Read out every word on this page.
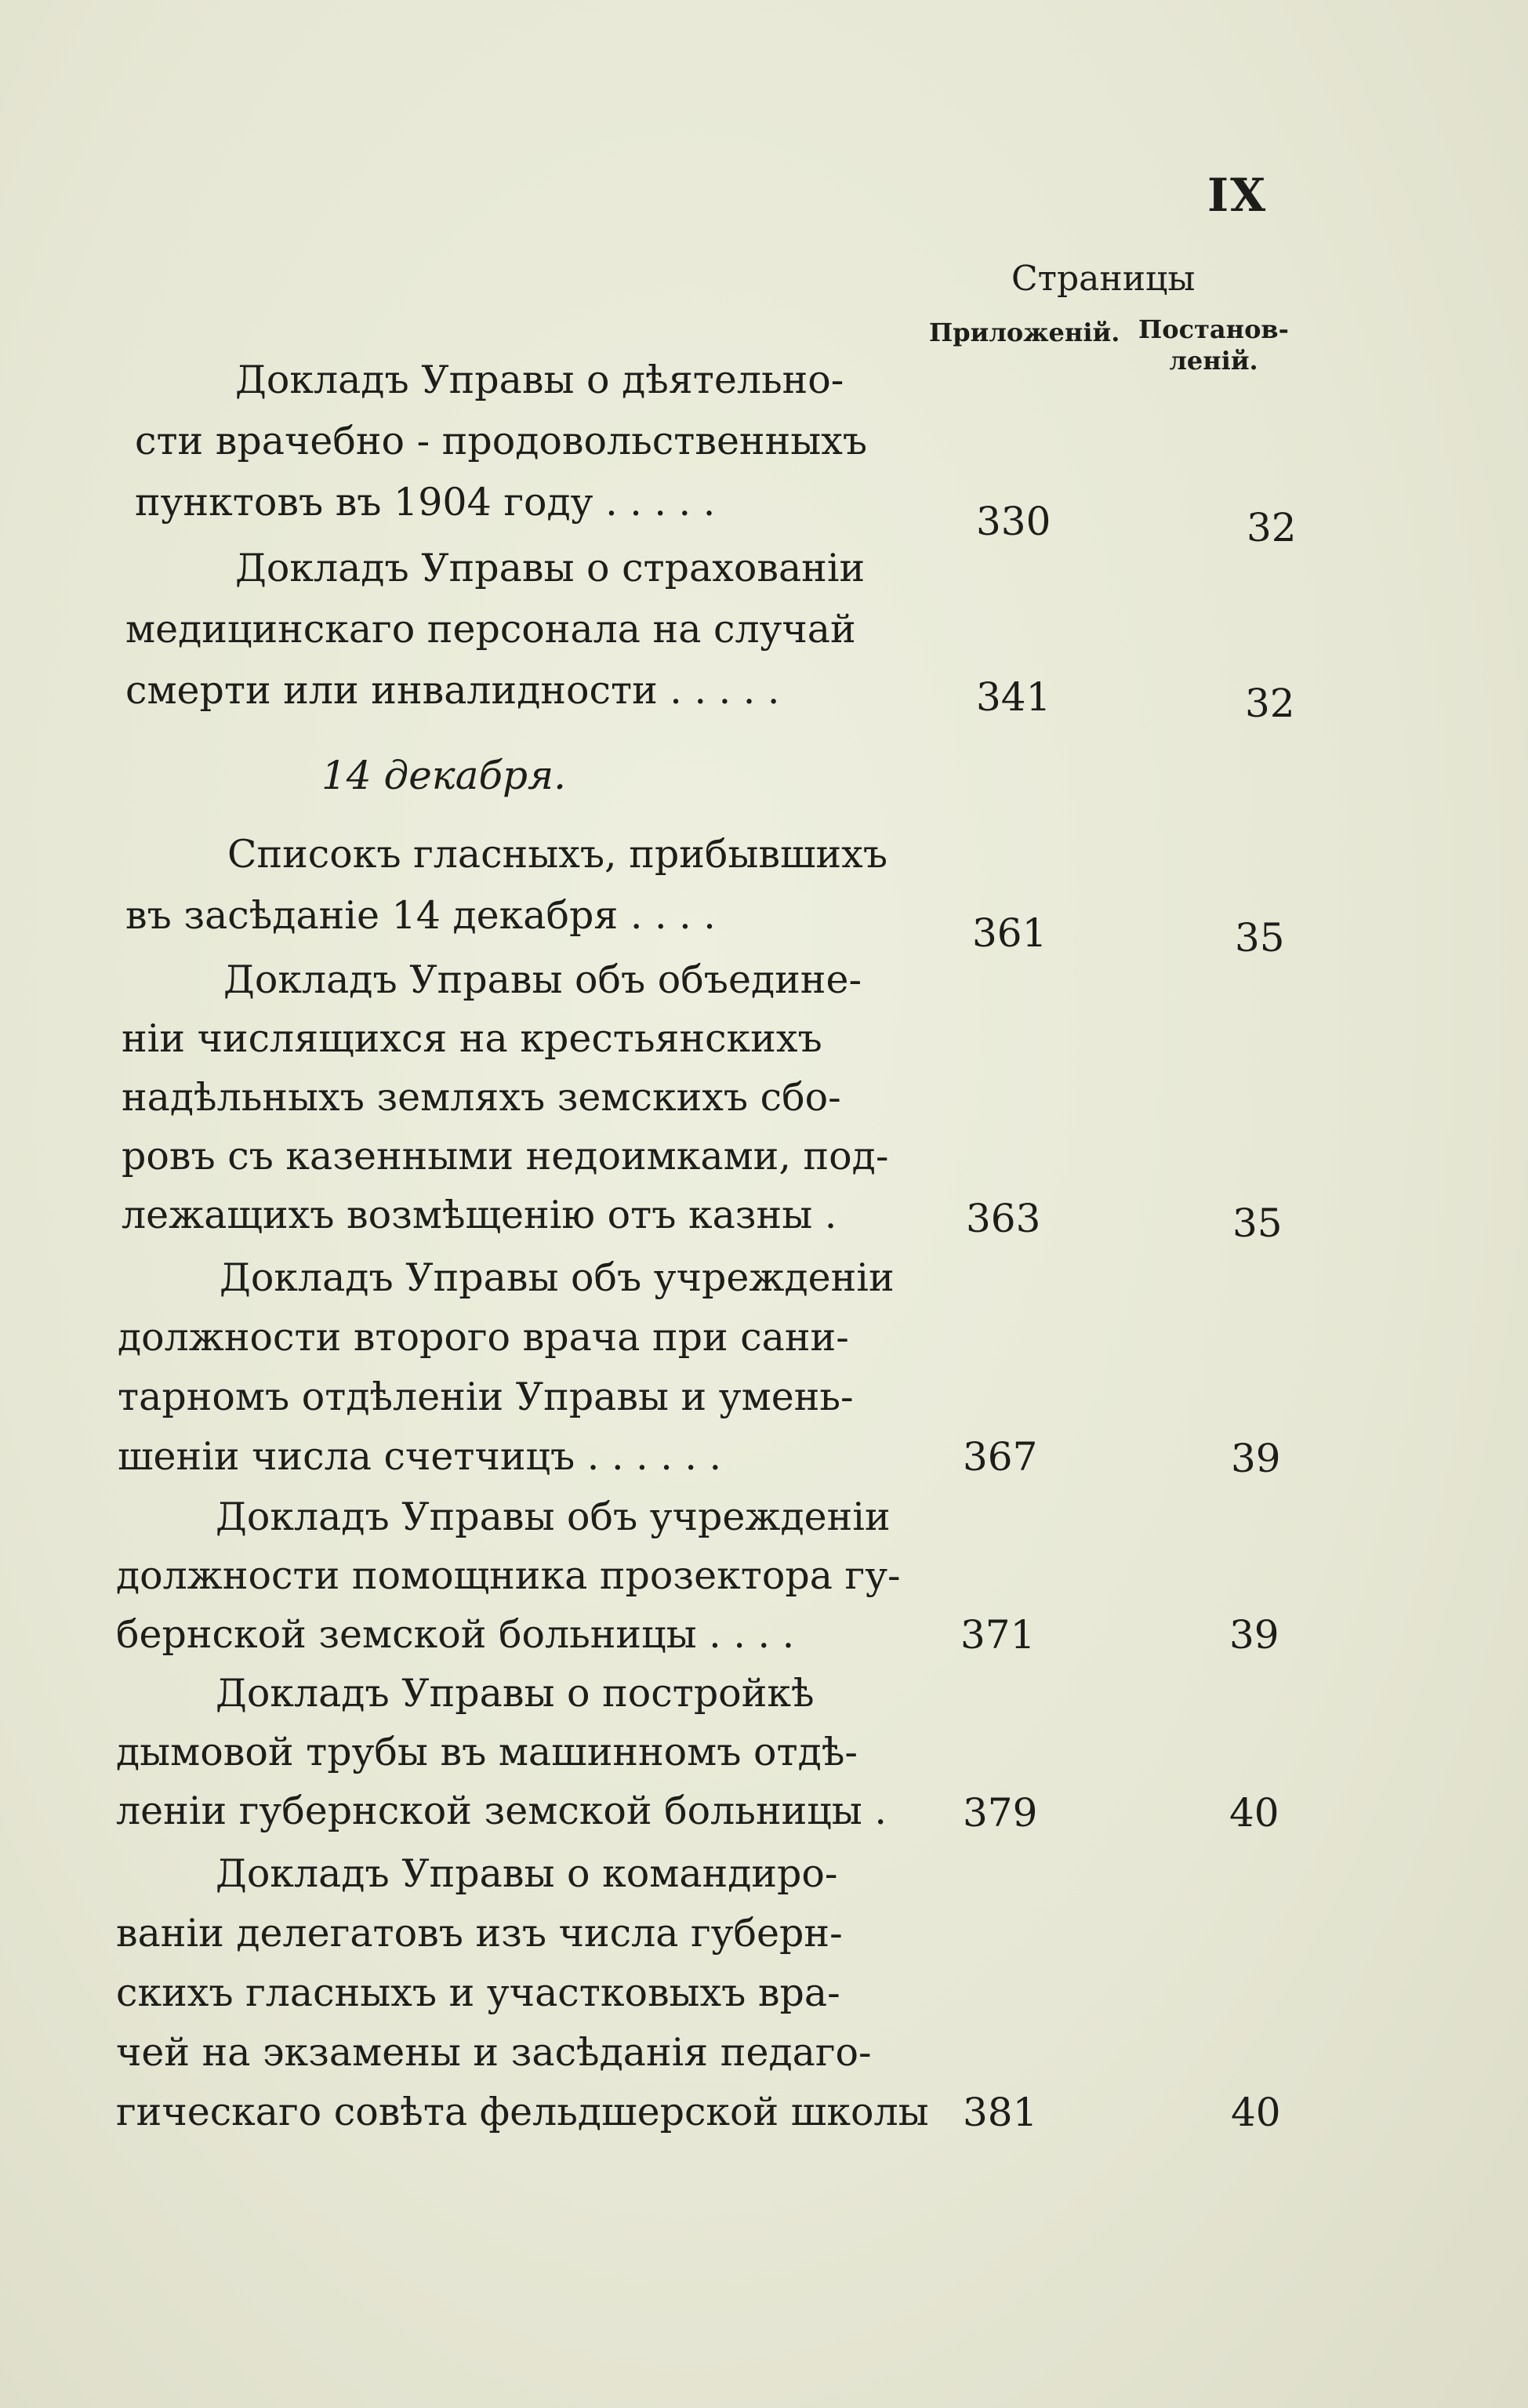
IX
Страницы
Приложеній. Постанов-
леній.
Докладъ Управы о дѣятельно-
сти врачебно - продовольственныхъ
пунктовъ въ 1904 году . . . . .	330	32
Докладъ Управы о страхованіи
медицинскаго персонала на случай
смерти или инвалидности . . . . .	341	32
14 декабря.
Списокъ гласныхъ, прибывшихъ
въ засѣданіе 14 декабря . . . .	361	35
Докладъ Управы объ объедине-
ніи числящихся на крестьянскихъ
надѣльныхъ земляхъ земскихъ сбо-
ровъ съ казенными недоимками, под-
лежащихъ возмѣщенію отъ казны .	363	35
Докладъ Управы объ учрежденіи
должности второго врача при сани-
тарномъ отдѣленіи Управы и умень-
шеніи числа счетчицъ . . . . . .	367	39
Докладъ Управы объ учрежденіи
должности помощника прозектора гу-
бернской земской больницы . . . .	371	39
Докладъ Управы о постройкѣ
дымовой трубы въ машинномъ отдѣ-
леніи губернской земской больницы . 379	40
Докладъ Управы о командиро-
ваніи делегатовъ изъ числа губерн-
скихъ гласныхъ и участковыхъ вра-
чей на экзамены и засѣданія педаго-
гическаго совѣта фельдшерской школы 381	40
